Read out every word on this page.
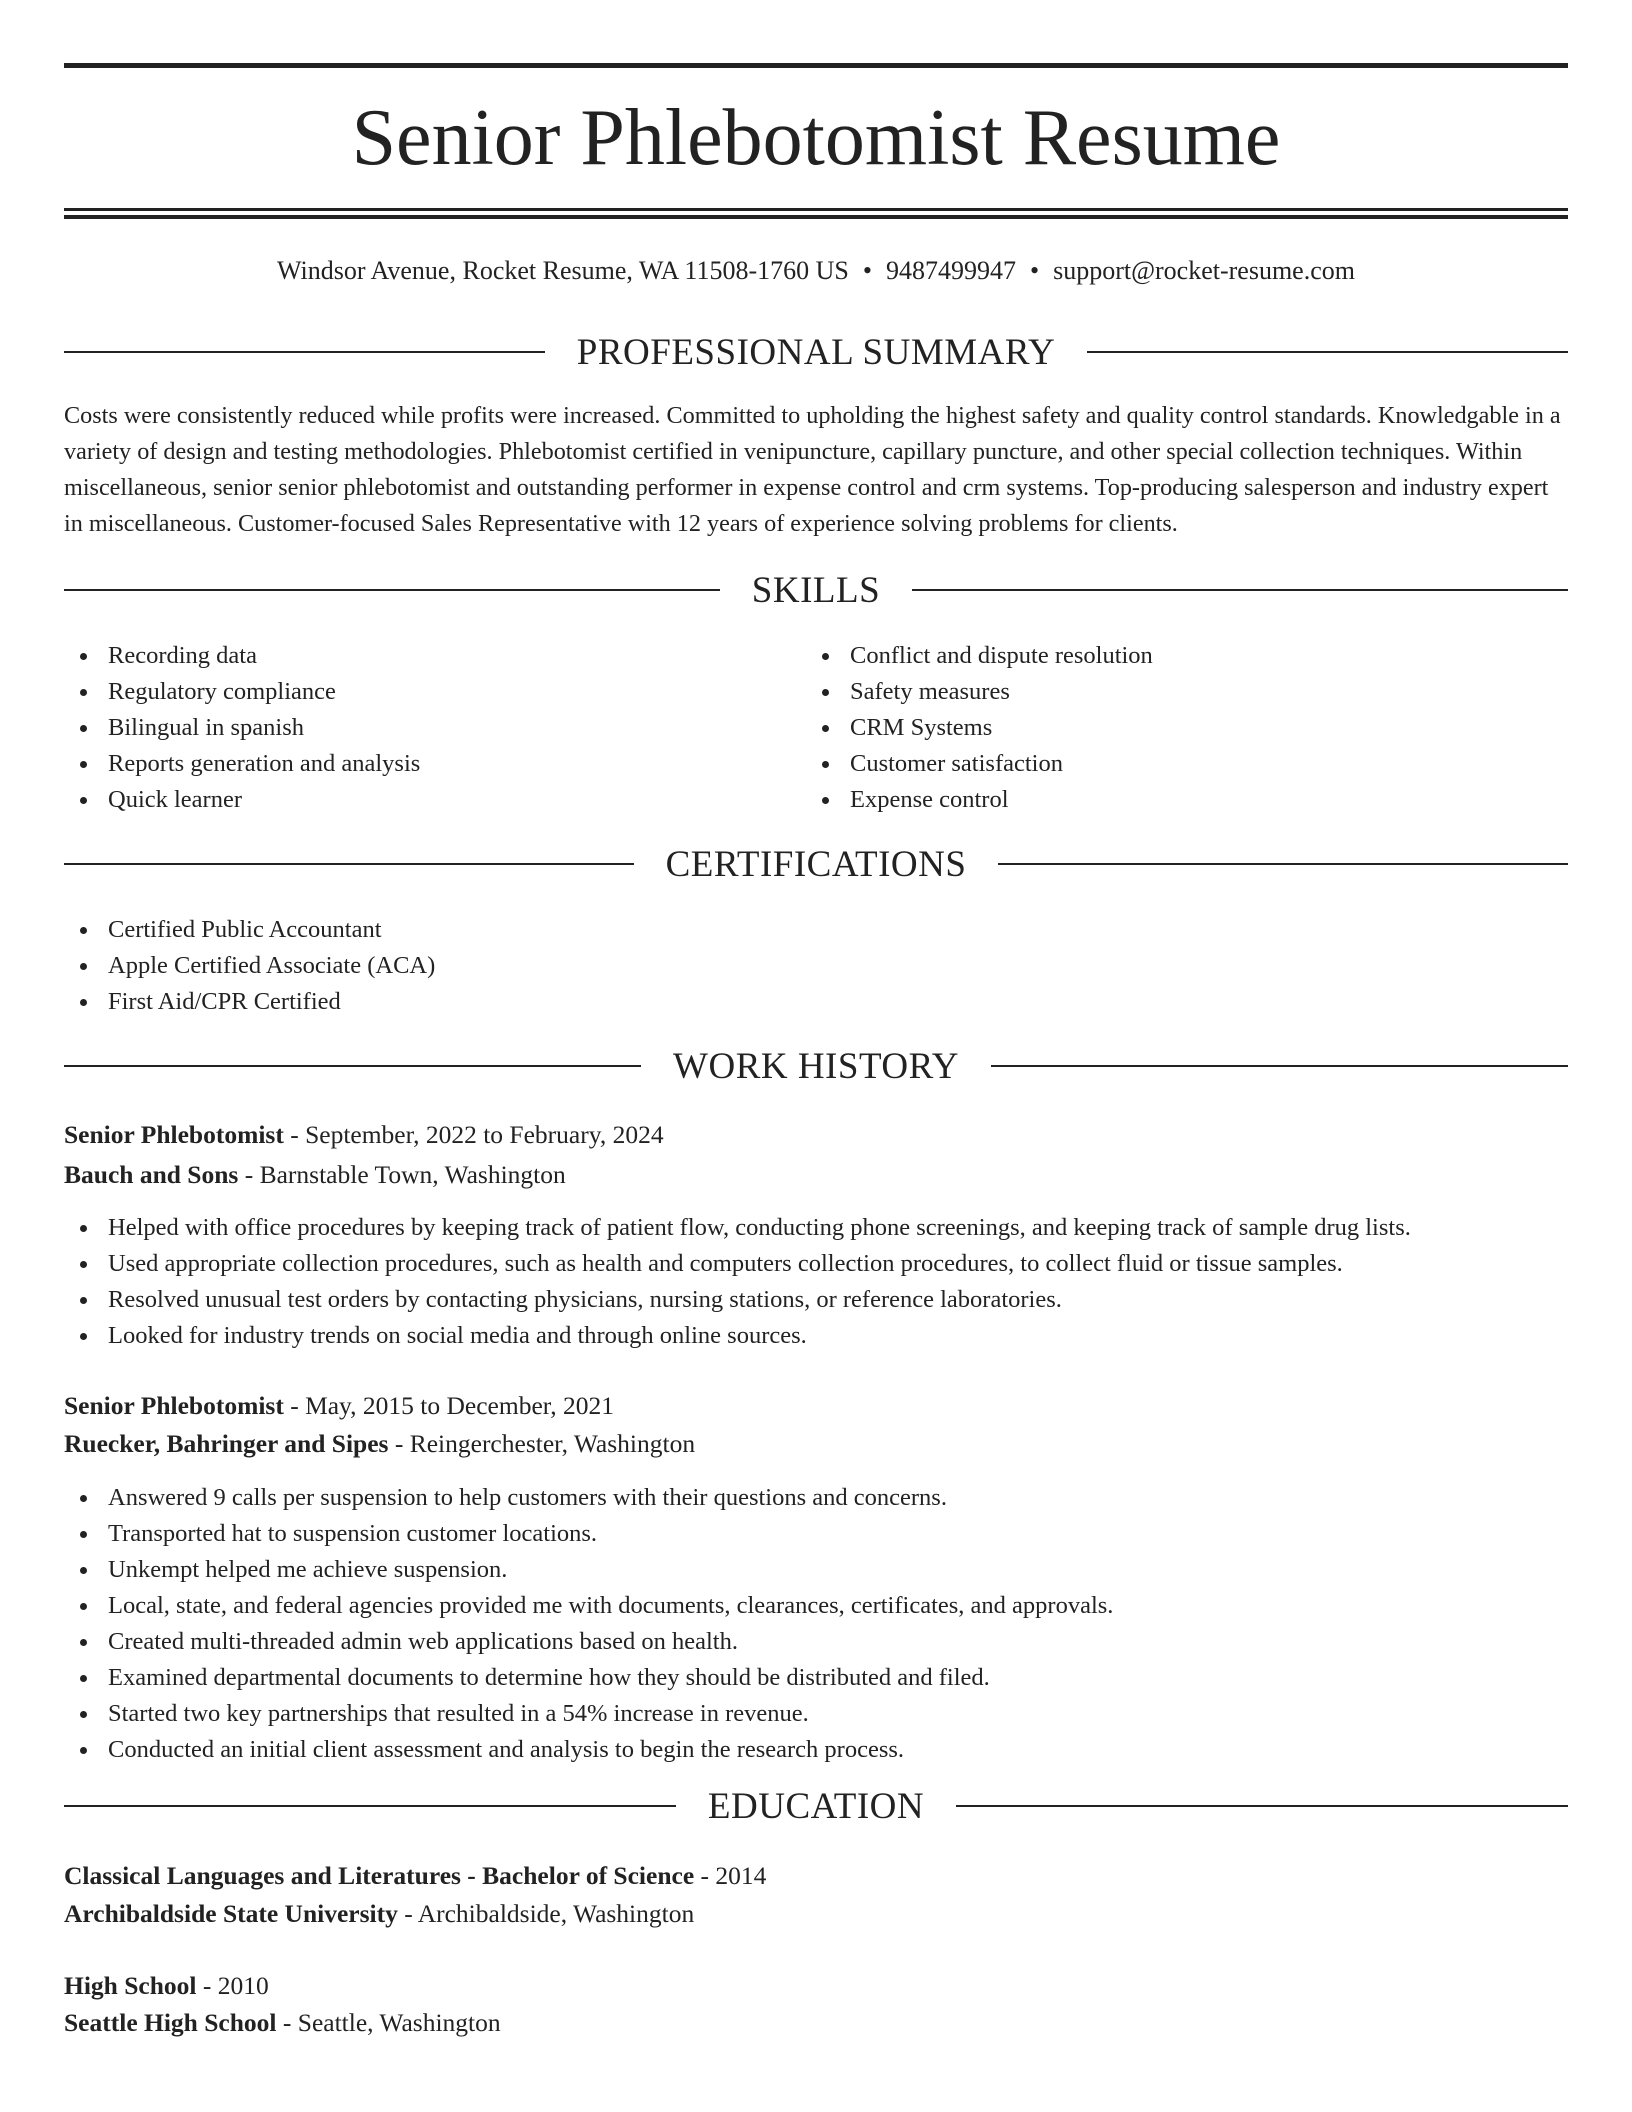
Senior Phlebotomist Resume
Windsor Avenue, Rocket Resume, WA 11508-1760 US • 9487499947 • support@rocket-resume.com
PROFESSIONAL SUMMARY

Costs were consistently reduced while profits were increased. Committed to upholding the highest safety and quality control standards. Knowledgable in a variety of design and testing methodologies. Phlebotomist certified in venipuncture, capillary puncture, and other special collection techniques. Within miscellaneous, senior senior phlebotomist and outstanding performer in expense control and crm systems. Top-producing salesperson and industry expert in miscellaneous. Customer-focused Sales Representative with 12 years of experience solving problems for clients.

SKILLS
Recording data
Regulatory compliance
Bilingual in spanish
Reports generation and analysis
Quick learner
Conflict and dispute resolution
Safety measures
CRM Systems
Customer satisfaction
Expense control
CERTIFICATIONS
Certified Public Accountant
Apple Certified Associate (ACA)
First Aid/CPR Certified
WORK HISTORY
Senior Phlebotomist - September, 2022 to February, 2024
Bauch and Sons - Barnstable Town, Washington
Helped with office procedures by keeping track of patient flow, conducting phone screenings, and keeping track of sample drug lists.
Used appropriate collection procedures, such as health and computers collection procedures, to collect fluid or tissue samples.
Resolved unusual test orders by contacting physicians, nursing stations, or reference laboratories.
Looked for industry trends on social media and through online sources.
Senior Phlebotomist - May, 2015 to December, 2021
Ruecker, Bahringer and Sipes - Reingerchester, Washington
Answered 9 calls per suspension to help customers with their questions and concerns.
Transported hat to suspension customer locations.
Unkempt helped me achieve suspension.
Local, state, and federal agencies provided me with documents, clearances, certificates, and approvals.
Created multi-threaded admin web applications based on health.
Examined departmental documents to determine how they should be distributed and filed.
Started two key partnerships that resulted in a 54% increase in revenue.
Conducted an initial client assessment and analysis to begin the research process.
EDUCATION
Classical Languages and Literatures - Bachelor of Science - 2014
Archibaldside State University - Archibaldside, Washington
High School - 2010
Seattle High School - Seattle, Washington
